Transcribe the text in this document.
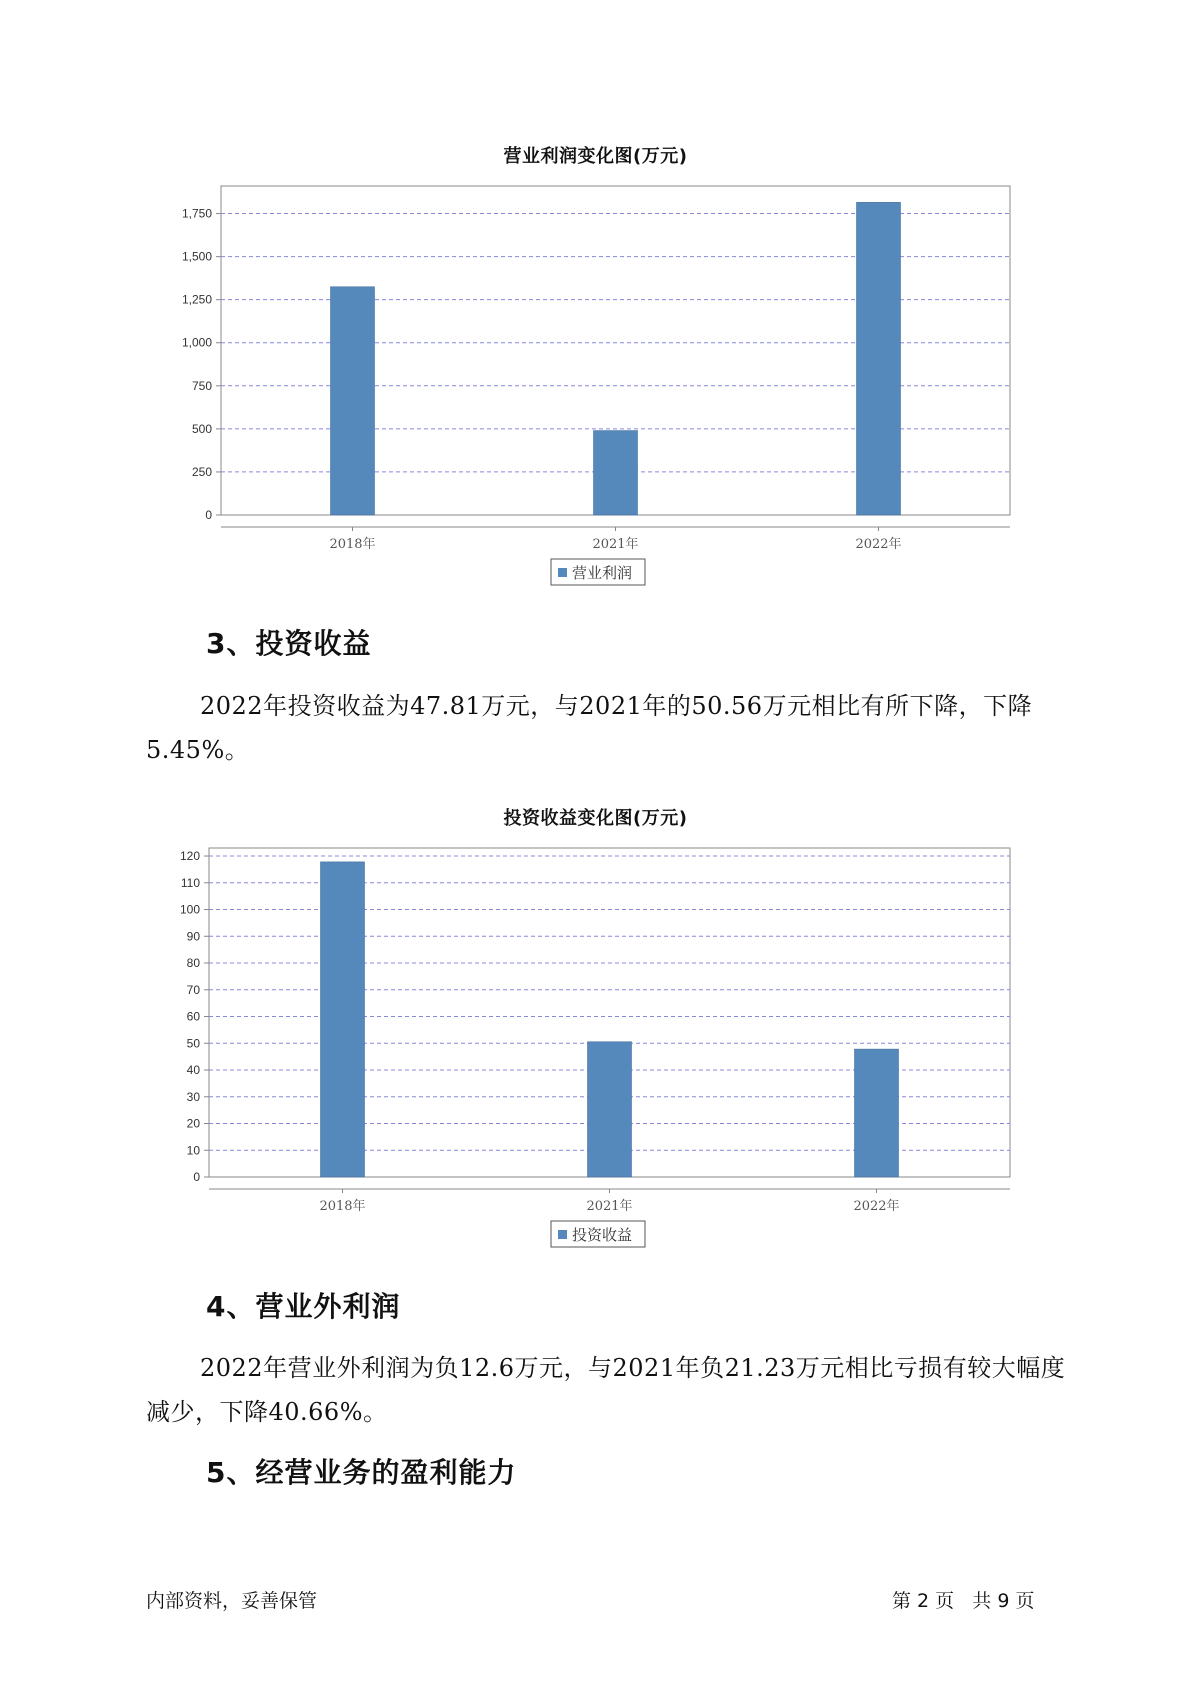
营业利润变化图(万元)
0
250
500
750
1,000
1,250
1,500
1,750
2018年	2021年	2022年
营业利润
3、投资收益
2022年投资收益为47.81万元，与2021年的50.56万元相比有所下降，下降5.45%。
投资收益变化图(万元)
0
10
20
30
40
50
60
70
80
90
100
110
120
2018年	2021年	2022年
投资收益
4、营业外利润
2022年营业外利润为负12.6万元，与2021年负21.23万元相比亏损有较大幅度减少，下降40.66%。
5、经营业务的盈利能力
内部资料，妥善保管	第 2 页   共 9 页
